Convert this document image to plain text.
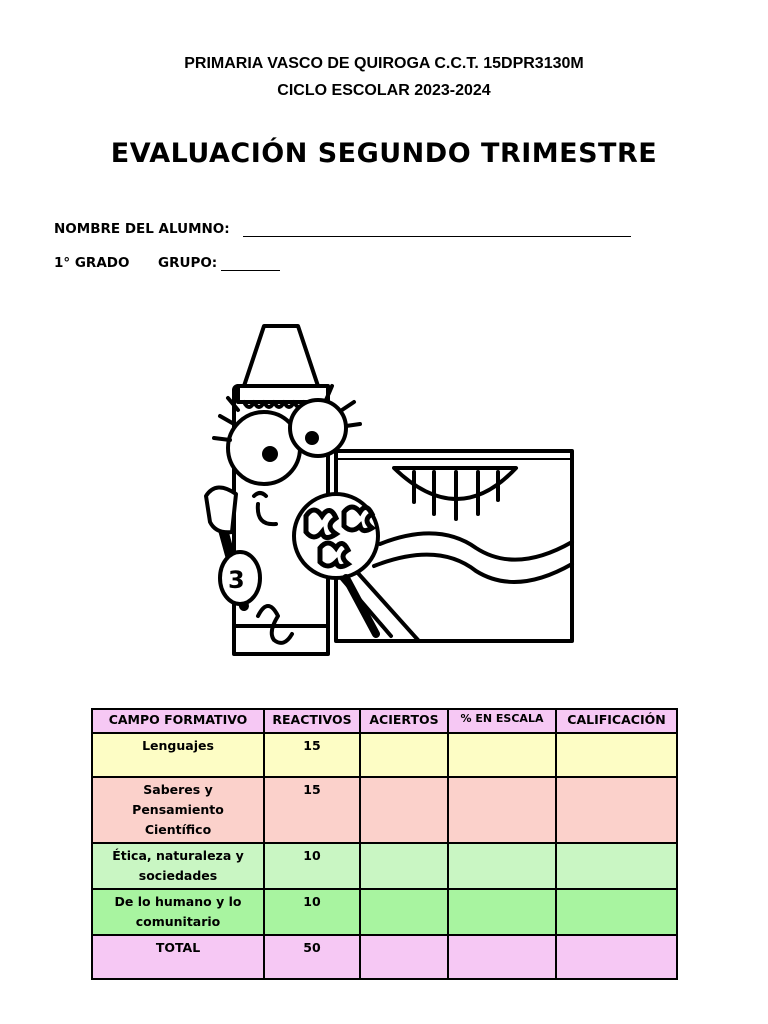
PRIMARIA VASCO DE QUIROGA C.C.T. 15DPR3130M
CICLO ESCOLAR 2023-2024
EVALUACIÓN SEGUNDO TRIMESTRE
NOMBRE DEL ALUMNO:
1° GRADO GRUPO:
3
CAMPO FORMATIVO	REACTIVOS	ACIERTOS	% EN ESCALA	CALIFICACIÓN

Lenguajes	15			

Saberes y Pensamiento
Científico	15			

Ética, naturaleza y
sociedades	10			

De lo humano y lo
comunitario	10			

TOTAL	50			
